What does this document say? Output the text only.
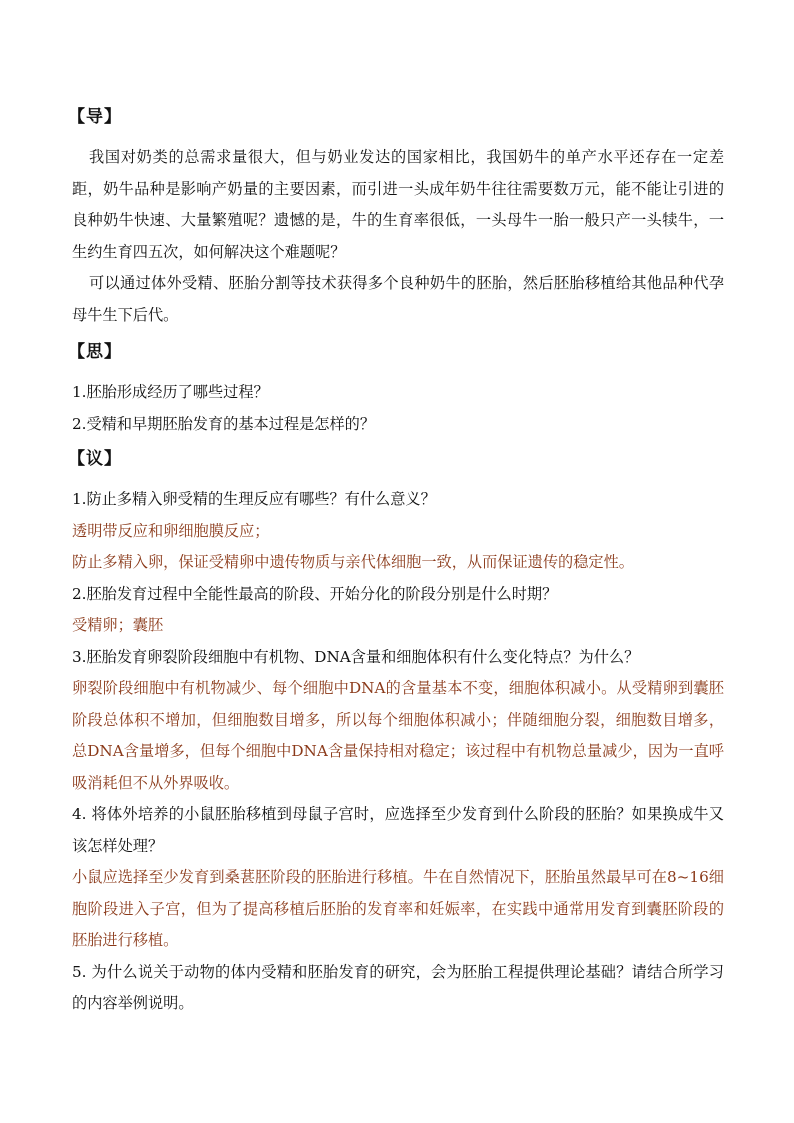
【导】

我国对奶类的总需求量很大，但与奶业发达的国家相比，我国奶牛的单产水平还存在一定差距，奶牛品种是影响产奶量的主要因素，而引进一头成年奶牛往往需要数万元，能不能让引进的良种奶牛快速、大量繁殖呢？遗憾的是，牛的生育率很低，一头母牛一胎一般只产一头犊牛，一生约生育四五次，如何解决这个难题呢？

可以通过体外受精、胚胎分割等技术获得多个良种奶牛的胚胎，然后胚胎移植给其他品种代孕母牛生下后代。

【思】

1.胚胎形成经历了哪些过程？

2.受精和早期胚胎发育的基本过程是怎样的？

【议】

1.防止多精入卵受精的生理反应有哪些？有什么意义？

透明带反应和卵细胞膜反应；

防止多精入卵，保证受精卵中遗传物质与亲代体细胞一致，从而保证遗传的稳定性。

2.胚胎发育过程中全能性最高的阶段、开始分化的阶段分别是什么时期？

受精卵；囊胚

3.胚胎发育卵裂阶段细胞中有机物、DNA含量和细胞体积有什么变化特点？为什么？

卵裂阶段细胞中有机物减少、每个细胞中DNA的含量基本不变，细胞体积减小。从受精卵到囊胚阶段总体积不增加，但细胞数目增多，所以每个细胞体积减小；伴随细胞分裂，细胞数目增多，总DNA含量增多，但每个细胞中DNA含量保持相对稳定；该过程中有机物总量减少，因为一直呼吸消耗但不从外界吸收。

4. 将体外培养的小鼠胚胎移植到母鼠子宫时，应选择至少发育到什么阶段的胚胎？如果换成牛又该怎样处理？

小鼠应选择至少发育到桑葚胚阶段的胚胎进行移植。牛在自然情况下，胚胎虽然最早可在8~16细胞阶段进入子宫，但为了提高移植后胚胎的发育率和妊娠率，在实践中通常用发育到囊胚阶段的胚胎进行移植。

5. 为什么说关于动物的体内受精和胚胎发育的研究，会为胚胎工程提供理论基础？请结合所学习的内容举例说明。
